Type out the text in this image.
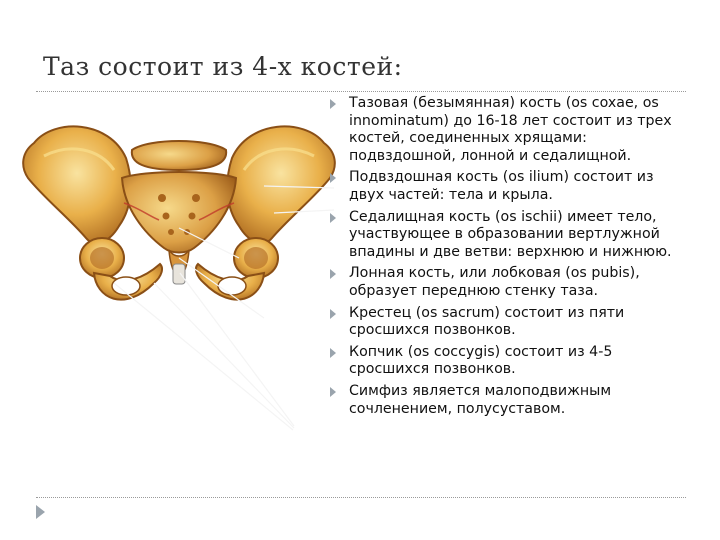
Таз состоит из 4-х костей:
Тазовая (безымянная) кость (os coxae, os innominatum) до 16-18 лет состоит из трех костей, соединенных хрящами: подвздошной, лонной и седалищной.
Подвздошная кость (os ilium) состоит из двух частей: тела и крыла.
Седалищная кость (os ischii) имеет тело, участвующее в образовании вертлужной впадины и две ветви: верхнюю и нижнюю.
Лонная кость, или лобковая (os pubis), образует переднюю стенку таза.
Крестец (os sacrum) состоит из пяти сросшихся позвонков.
Копчик (os coccygis) состоит из 4-5 сросшихся позвонков.
Симфиз является малоподвижным сочленением, полусуставом.
